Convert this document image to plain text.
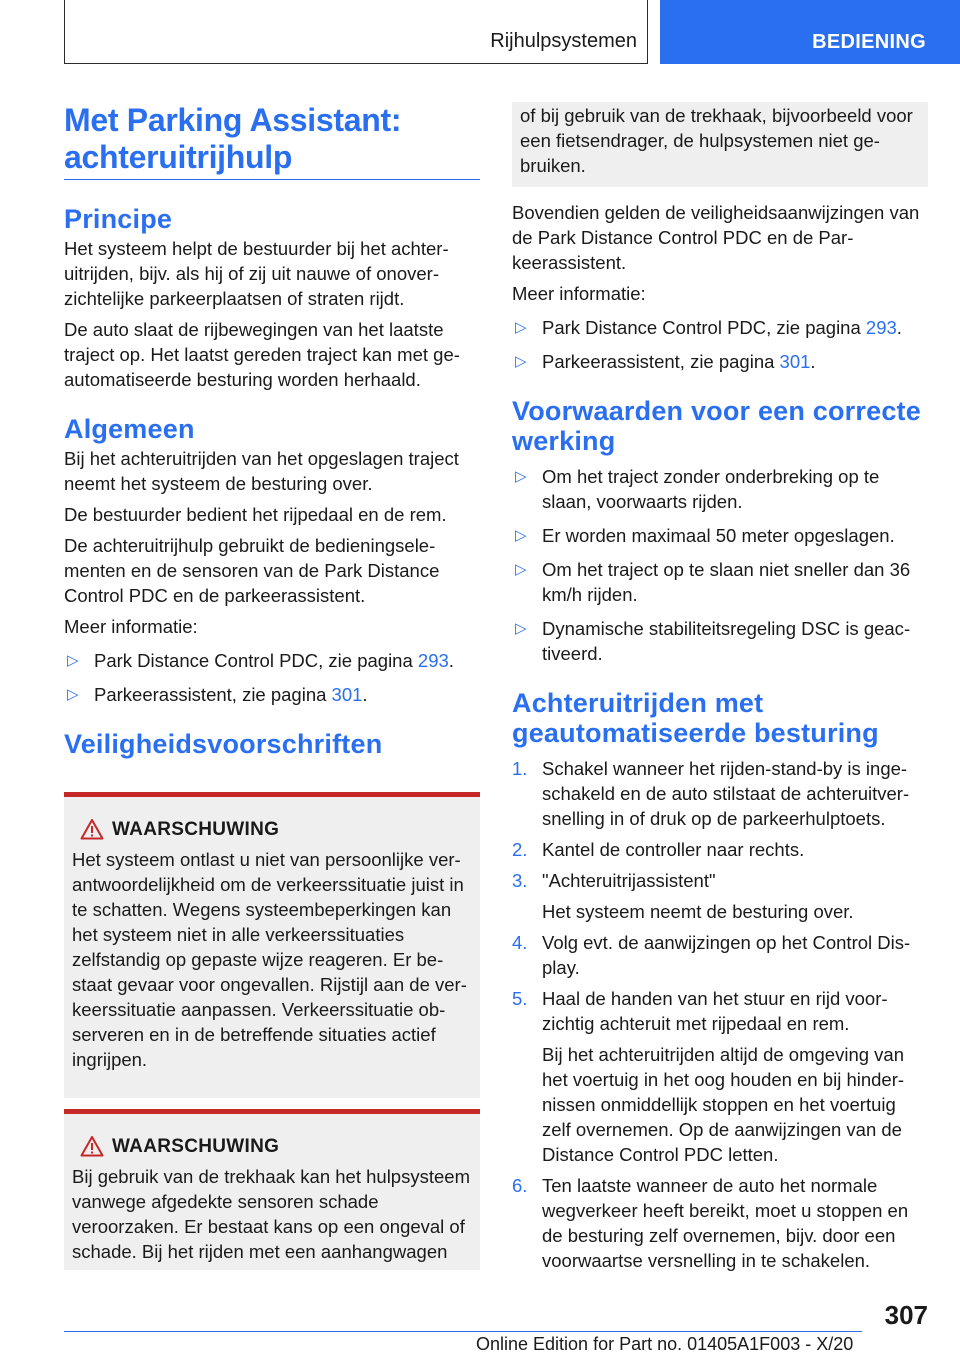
Rijhulpsystemen	BEDIENING
Met Parking Assistant: achteruitrijhulp
Principe

Het systeem helpt de bestuurder bij het achteruitrijden, bijv. als hij of zij uit nauwe of onoverzichtelijke parkeerplaatsen of straten rijdt.

De auto slaat de rijbewegingen van het laatste traject op. Het laatst gereden traject kan met geautomatiseerde besturing worden herhaald.

Algemeen

Bij het achteruitrijden van het opgeslagen traject neemt het systeem de besturing over.

De bestuurder bedient het rijpedaal en de rem.

De achteruitrijhulp gebruikt de bedieningselementen en de sensoren van de Park Distance Control PDC en de parkeerassistent.

Meer informatie:

▷ Park Distance Control PDC, zie pagina 293.
▷ Parkeerassistent, zie pagina 301.
Veiligheidsvoorschriften
WAARSCHUWING

Het systeem ontlast u niet van persoonlijke verantwoordelijkheid om de verkeerssituatie juist in te schatten. Wegens systeembeperkingen kan het systeem niet in alle verkeerssituaties zelfstandig op gepaste wijze reageren. Er bestaat gevaar voor ongevallen. Rijstijl aan de verkeerssituatie aanpassen. Verkeerssituatie observeren en in de betreffende situaties actief ingrijpen.

WAARSCHUWING

Bij gebruik van de trekhaak kan het hulpsysteem vanwege afgedekte sensoren schade veroorzaken. Er bestaat kans op een ongeval of schade. Bij het rijden met een aanhangwagen

of bij gebruik van de trekhaak, bijvoorbeeld voor een fietsendrager, de hulpsystemen niet gebruiken.

Bovendien gelden de veiligheidsaanwijzingen van de Park Distance Control PDC en de Parkeerassistent.

Meer informatie:

▷ Park Distance Control PDC, zie pagina 293.
▷ Parkeerassistent, zie pagina 301.
Voorwaarden voor een correcte werking
▷ Om het traject zonder onderbreking op te slaan, voorwaarts rijden.
▷ Er worden maximaal 50 meter opgeslagen.
▷ Om het traject op te slaan niet sneller dan 36 km/h rijden.
▷ Dynamische stabiliteitsregeling DSC is geactiveerd.
Achteruitrijden met geautomatiseerde besturing
1. Schakel wanneer het rijden-stand-by is ingeschakeld en de auto stilstaat de achteruitversnelling in of druk op de parkeerhulptoets.
2. Kantel de controller naar rechts.
3. "Achteruitrijassistent"
Het systeem neemt de besturing over.
4. Volg evt. de aanwijzingen op het Control Display.
5. Haal de handen van het stuur en rijd voorzichtig achteruit met rijpedaal en rem.
Bij het achteruitrijden altijd de omgeving van het voertuig in het oog houden en bij hindernissen onmiddellijk stoppen en het voertuig zelf overnemen. Op de aanwijzingen van de Distance Control PDC letten.
6. Ten laatste wanneer de auto het normale wegverkeer heeft bereikt, moet u stoppen en de besturing zelf overnemen, bijv. door een voorwaartse versnelling in te schakelen.
307
Online Edition for Part no. 01405A1F003 - X/20
